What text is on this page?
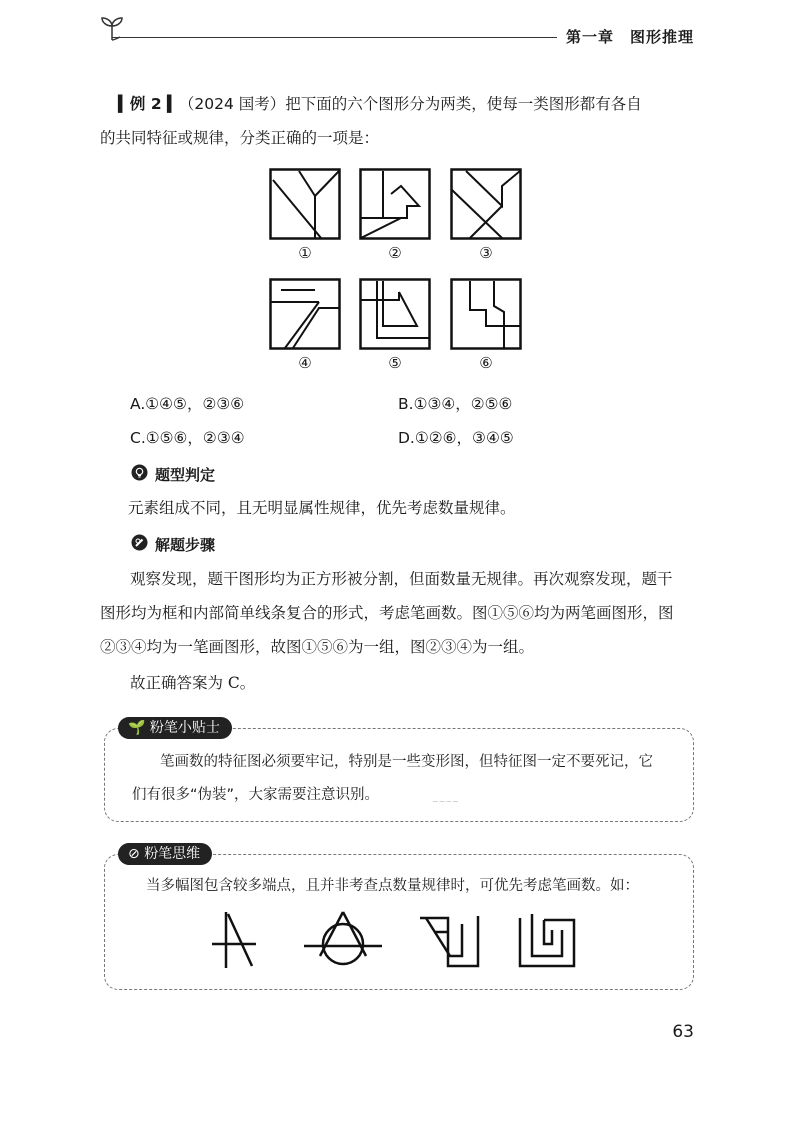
第一章 图形推理
▍例 2 ▍（2024 国考）把下面的六个图形分为两类，使每一类图形都有各自
的共同特征或规律，分类正确的一项是：
①	②	③
④	⑤	⑥
A.①④⑤，②③⑥	B.①③④，②⑤⑥
C.①⑤⑥，②③④	D.①②⑥，③④⑤
题型判定
元素组成不同，且无明显属性规律，优先考虑数量规律。
解题步骤
观察发现，题干图形均为正方形被分割，但面数量无规律。再次观察发现，题干
图形均为框和内部简单线条复合的形式，考虑笔画数。图①⑤⑥均为两笔画图形，图
②③④均为一笔画图形，故图①⑤⑥为一组，图②③④为一组。
故正确答案为 C。
🌱 粉笔小贴士
笔画数的特征图必须要牢记，特别是一些变形图，但特征图一定不要死记，它
们有很多“伪装”，大家需要注意识别。	~~~~
⊘ 粉笔思维
当多幅图包含较多端点，且并非考查点数量规律时，可优先考虑笔画数。如：
63
